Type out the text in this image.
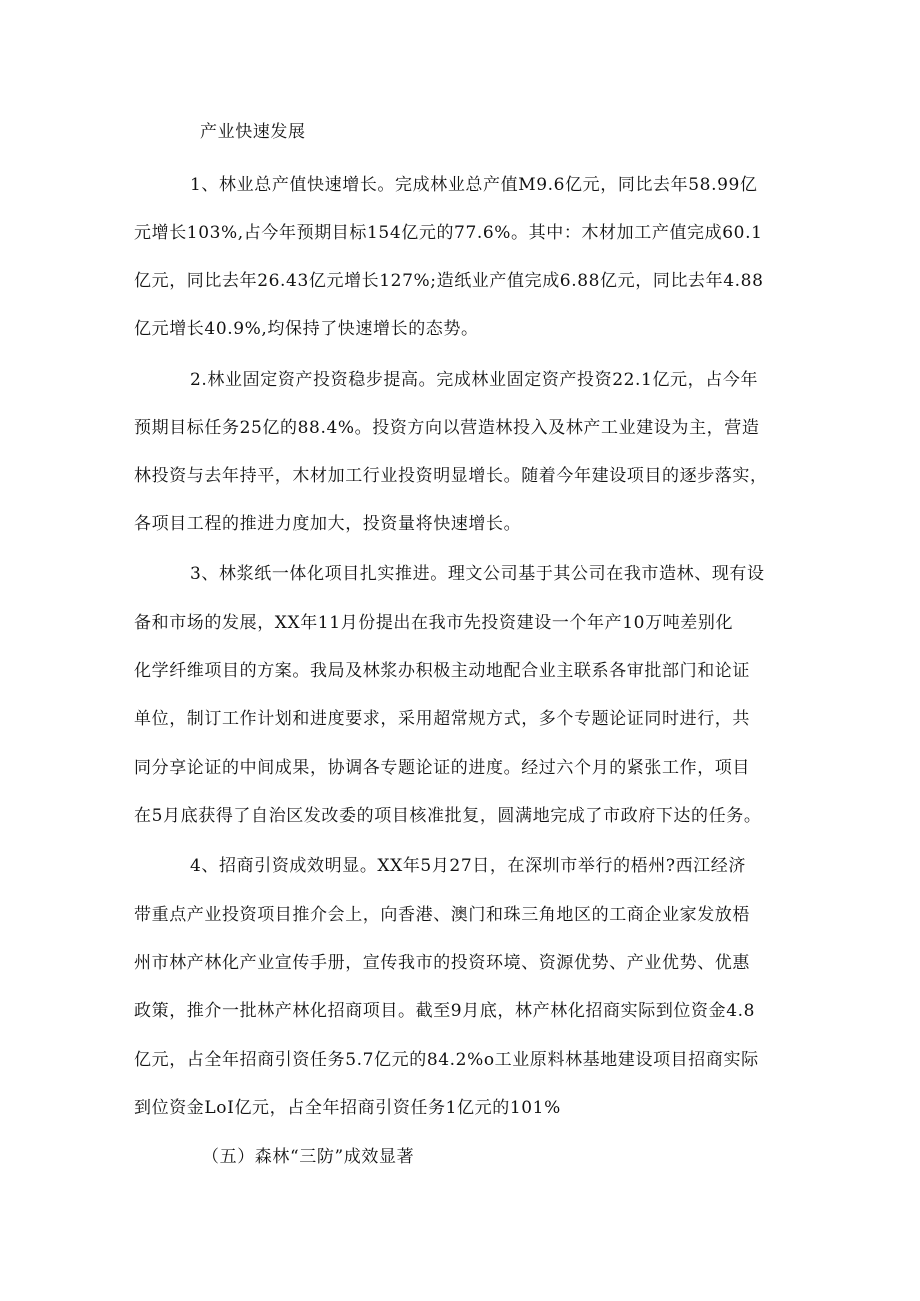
产业快速发展
1、林业总产值快速增长。完成林业总产值M9.6亿元，同比去年58.99亿
元增长103%,占今年预期目标154亿元的77.6%。其中：木材加工产值完成60.1
亿元，同比去年26.43亿元增长127%;造纸业产值完成6.88亿元，同比去年4.88
亿元增长40.9%,均保持了快速增长的态势。
2.林业固定资产投资稳步提高。完成林业固定资产投资22.1亿元，占今年
预期目标任务25亿的88.4%。投资方向以营造林投入及林产工业建设为主，营造
林投资与去年持平，木材加工行业投资明显增长。随着今年建设项目的逐步落实，
各项目工程的推进力度加大，投资量将快速增长。
3、林浆纸一体化项目扎实推进。理文公司基于其公司在我市造林、现有设
备和市场的发展，XX年11月份提出在我市先投资建设一个年产10万吨差别化
化学纤维项目的方案。我局及林浆办积极主动地配合业主联系各审批部门和论证
单位，制订工作计划和进度要求，采用超常规方式，多个专题论证同时进行，共
同分享论证的中间成果，协调各专题论证的进度。经过六个月的紧张工作，项目
在5月底获得了自治区发改委的项目核准批复，圆满地完成了市政府下达的任务。
4、招商引资成效明显。XX年5月27日，在深圳市举行的梧州?西江经济
带重点产业投资项目推介会上，向香港、澳门和珠三角地区的工商企业家发放梧
州市林产林化产业宣传手册，宣传我市的投资环境、资源优势、产业优势、优惠
政策，推介一批林产林化招商项目。截至9月底，林产林化招商实际到位资金4.8
亿元，占全年招商引资任务5.7亿元的84.2%o工业原料林基地建设项目招商实际
到位资金LoI亿元，占全年招商引资任务1亿元的101%
（五）森林“三防”成效显著
